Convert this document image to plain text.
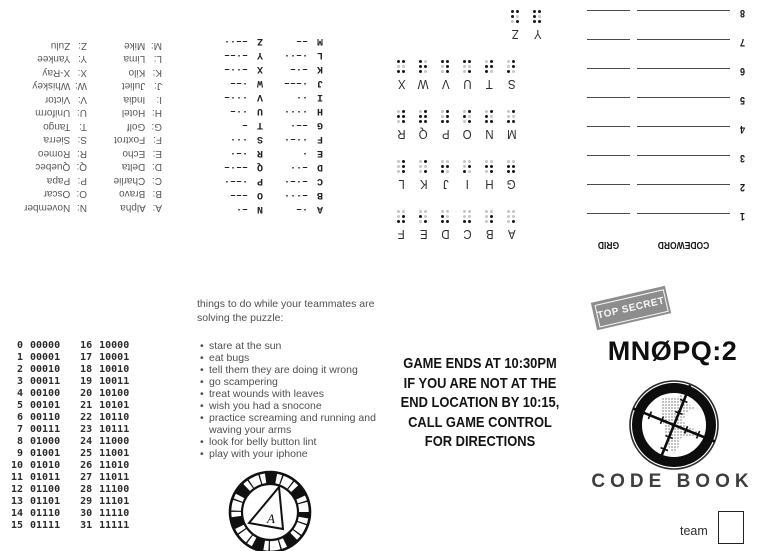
CODEWORD
GRID
1
2
3
4
5
6
7
8
A
B
C
D
E
F
G
H
I
J
K
L
M
N
O
P
Q
R
S
T
U
V
W
X
Y
Z
A·–
B–···
C–·–·
D–··
E·
F··–·
G––·
H····
I··
J·–––
K–·–
L·–··
M––
N–·
O–––
P·––·
Q––·–
R·–·
S···
T–
U··–
V···–
W·––
X–··–
Y–·––
Z––··
A: Alpha
B: Bravo
C: Charlie
D: Delta
E: Echo
F: Foxtrot
G: Golf
H: Hotel
I: India
J: Juliet
K: Kilo
L: Lima
M: Mike
N: November
O: Oscar
P: Papa
Q: Quebec
R: Romeo
S: Sierra
T: Tango
U: Uniform
V: Victor
W: Whiskey
X: X-Ray
Y: Yankee
Z: Zulu
0 00000
1 00001
2 00010
3 00011
4 00100
5 00101
6 00110
7 00111
8 01000
9 01001
10 01010
11 01011
12 01100
13 01101
14 01110
15 01111
16 10000
17 10001
18 10010
19 10011
20 10100
21 10101
22 10110
23 10111
24 11000
25 11001
26 11010
27 11011
28 11100
29 11101
30 11110
31 11111
things to do while your teammates are solving the puzzle:
• stare at the sun
• eat bugs
• tell them they are doing it wrong
• go scampering
• treat wounds with leaves
• wish you had a snocone
• practice screaming and running and waving your arms
• look for belly button lint
• play with your iphone
A
GAME ENDS AT 10:30PM
IF YOU ARE NOT AT THE
END LOCATION BY 10:15,
CALL GAME CONTROL
FOR DIRECTIONS
TOP SECRET
MNØPQ:2
CODE BOOK
team
